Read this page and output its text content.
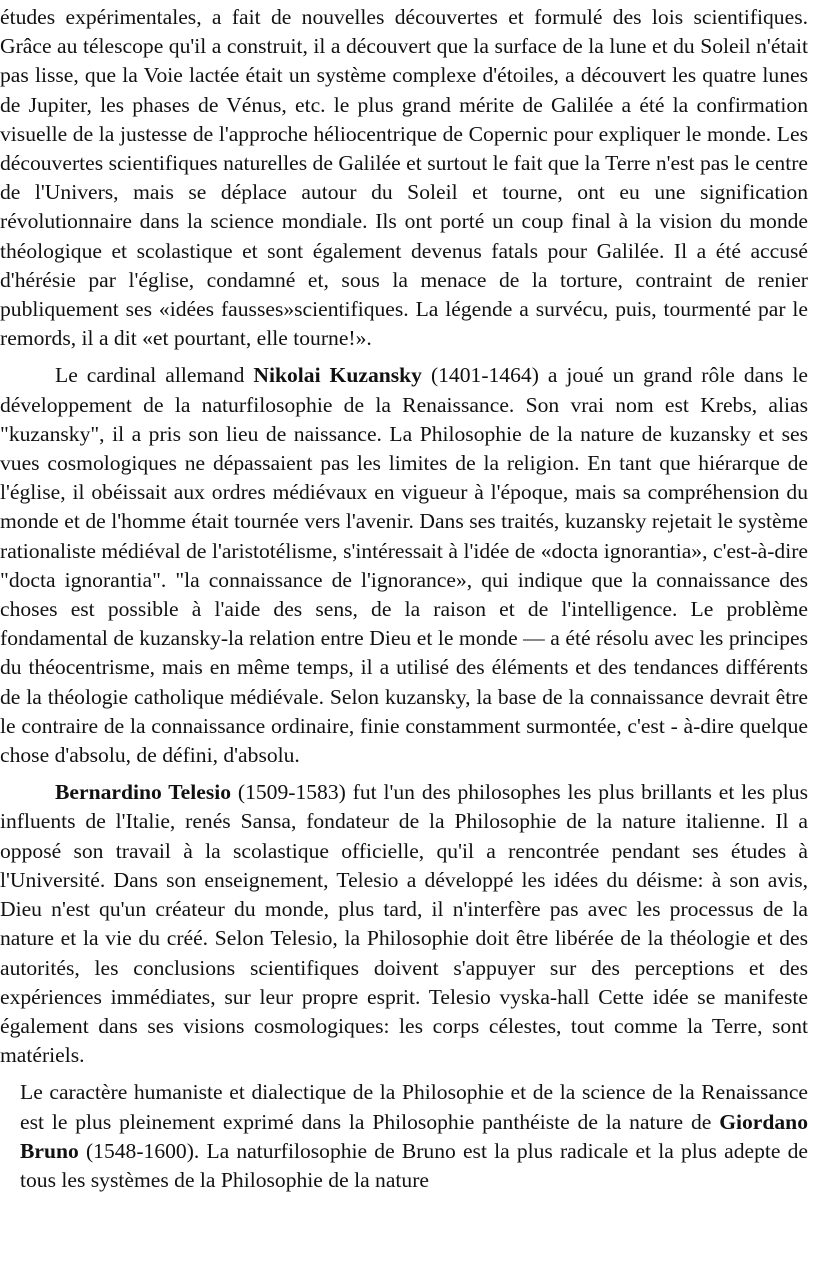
études expérimentales, a fait de nouvelles découvertes et formulé des lois scientifiques. Grâce au télescope qu'il a construit, il a découvert que la surface de la lune et du Soleil n'était pas lisse, que la Voie lactée était un système complexe d'étoiles, a découvert les quatre lunes de Jupiter, les phases de Vénus, etc. le plus grand mérite de Galilée a été la confirmation visuelle de la justesse de l'approche héliocentrique de Copernic pour expliquer le monde. Les découvertes scientifiques naturelles de Galilée et surtout le fait que la Terre n'est pas le centre de l'Univers, mais se déplace autour du Soleil et tourne, ont eu une signification révolutionnaire dans la science mondiale. Ils ont porté un coup final à la vision du monde théologique et scolastique et sont également devenus fatals pour Galilée. Il a été accusé d'hérésie par l'église, condamné et, sous la menace de la torture, contraint de renier publiquement ses «idées fausses»scientifiques. La légende a survécu, puis, tourmenté par le remords, il a dit «et pourtant, elle tourne!».

Le cardinal allemand Nikolai Kuzansky (1401-1464) a joué un grand rôle dans le développement de la naturfilosophie de la Renaissance. Son vrai nom est Krebs, alias "kuzansky", il a pris son lieu de naissance. La Philosophie de la nature de kuzansky et ses vues cosmologiques ne dépassaient pas les limites de la religion. En tant que hiérarque de l'église, il obéissait aux ordres médiévaux en vigueur à l'époque, mais sa compréhension du monde et de l'homme était tournée vers l'avenir. Dans ses traités, kuzansky rejetait le système rationaliste médiéval de l'aristotélisme, s'intéressait à l'idée de «docta ignorantia», c'est-à-dire "docta ignorantia". "la connaissance de l'ignorance», qui indique que la connaissance des choses est possible à l'aide des sens, de la raison et de l'intelligence. Le problème fondamental de kuzansky-la relation entre Dieu et le monde — a été résolu avec les principes du théocentrisme, mais en même temps, il a utilisé des éléments et des tendances différents de la théologie catholique médiévale. Selon kuzansky, la base de la connaissance devrait être le contraire de la connaissance ordinaire, finie constamment surmontée, c'est - à-dire quelque chose d'absolu, de défini, d'absolu.

Bernardino Telesio (1509-1583) fut l'un des philosophes les plus brillants et les plus influents de l'Italie, renés Sansa, fondateur de la Philosophie de la nature italienne. Il a opposé son travail à la scolastique officielle, qu'il a rencontrée pendant ses études à l'Université. Dans son enseignement, Telesio a développé les idées du déisme: à son avis, Dieu n'est qu'un créateur du monde, plus tard, il n'interfère pas avec les processus de la nature et la vie du créé. Selon Telesio, la Philosophie doit être libérée de la théologie et des autorités, les conclusions scientifiques doivent s'appuyer sur des perceptions et des expériences immédiates, sur leur propre esprit. Telesio vyska-hall Cette idée se manifeste également dans ses visions cosmologiques: les corps célestes, tout comme la Terre, sont matériels.

Le caractère humaniste et dialectique de la Philosophie et de la science de la Renaissance est le plus pleinement exprimé dans la Philosophie panthéiste de la nature de Giordano Bruno (1548-1600). La naturfilosophie de Bruno est la plus radicale et la plus adepte de tous les systèmes de la Philosophie de la nature
